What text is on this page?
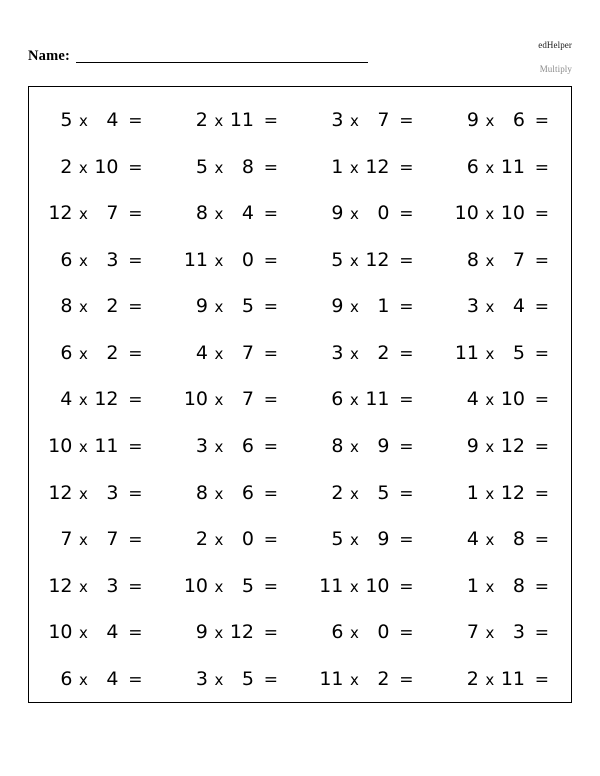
Name:
edHelper
Multiply
5 x 4 =	2 x 11 =	3 x 7 =	9 x 6 =
2 x 10 =	5 x 8 =	1 x 12 =	6 x 11 =
12 x 7 =	8 x 4 =	9 x 0 = 10 x 10 =
6 x 3 = 11 x 0 =	5 x 12 =	8 x 7 =
8 x 2 =	9 x 5 =	9 x 1 =	3 x 4 =
6 x 2 =	4 x 7 =	3 x 2 = 11 x 5 =
4 x 12 = 10 x 7 =	6 x 11 =	4 x 10 =
10 x 11 =	3 x 6 =	8 x 9 =	9 x 12 =
12 x 3 =	8 x 6 =	2 x 5 =	1 x 12 =
7 x 7 =	2 x 0 =	5 x 9 =	4 x 8 =
12 x 3 = 10 x 5 = 11 x 10 =	1 x 8 =
10 x 4 =	9 x 12 =	6 x 0 =	7 x 3 =
6 x 4 =	3 x 5 = 11 x 2 =	2 x 11 =
